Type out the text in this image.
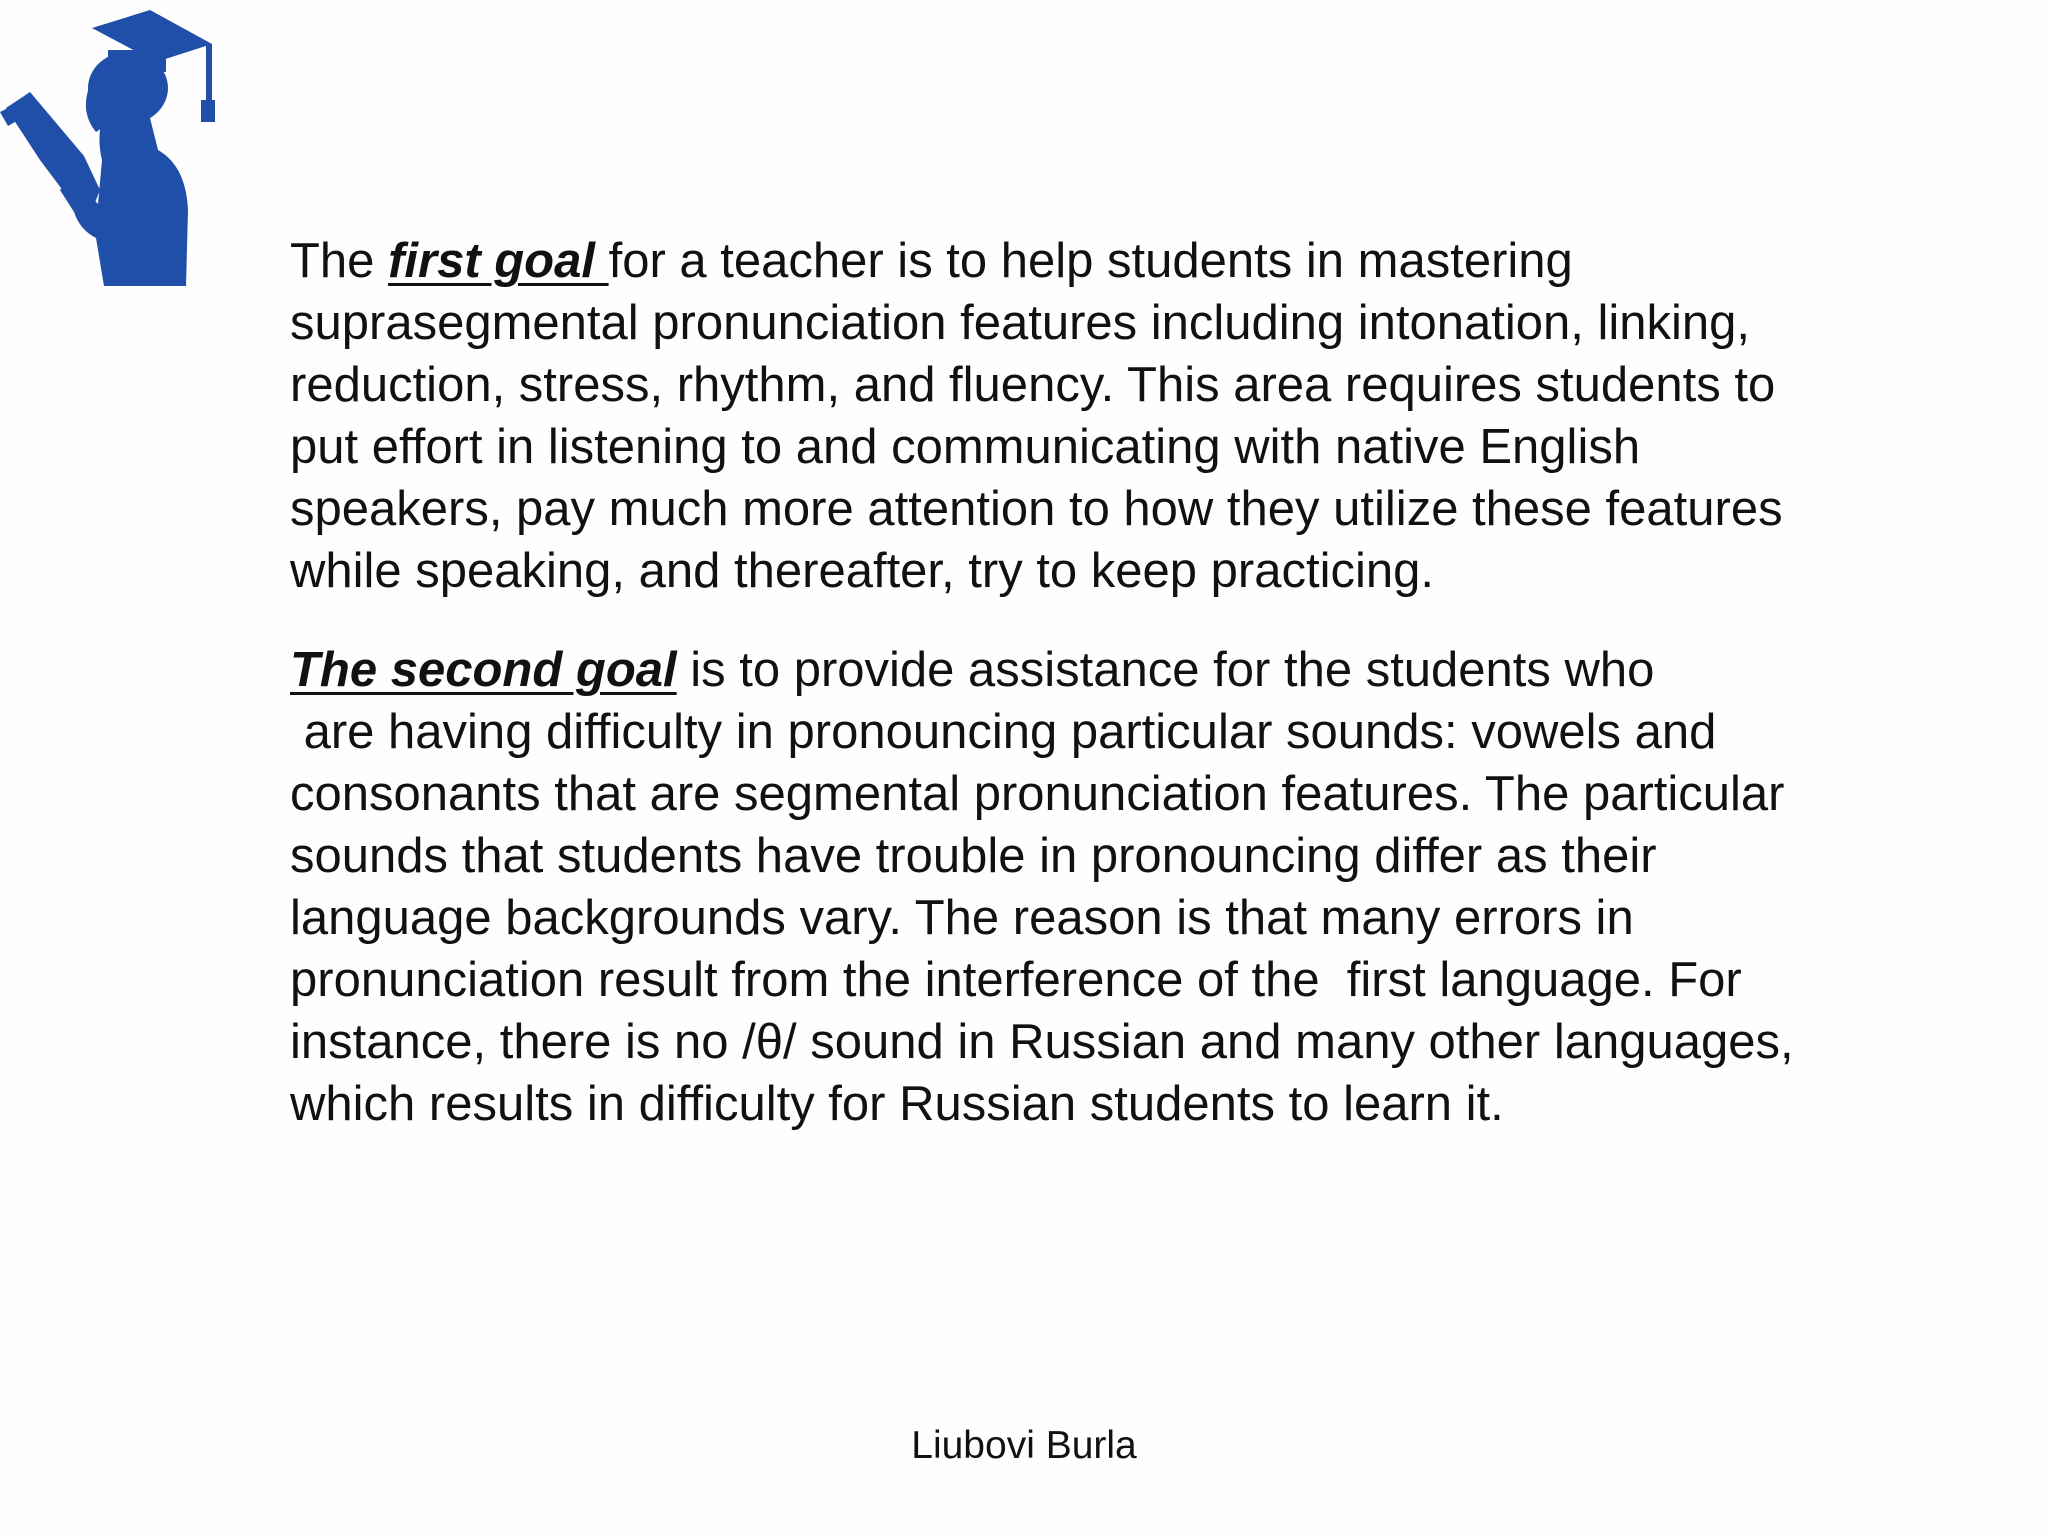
The first goal for a teacher is to help students in mastering
suprasegmental pronunciation features including intonation, linking,
reduction, stress, rhythm, and fluency. This area requires students to
put effort in listening to and communicating with native English
speakers, pay much more attention to how they utilize these features
while speaking, and thereafter, try to keep practicing.

The second goal is to provide assistance for the students who
are having difficulty in pronouncing particular sounds: vowels and
consonants that are segmental pronunciation features. The particular
sounds that students have trouble in pronouncing differ as their
language backgrounds vary. The reason is that many errors in
pronunciation result from the interference of the  first language. For
instance, there is no /θ/ sound in Russian and many other languages,
which results in difficulty for Russian students to learn it.

Liubovi Burla
